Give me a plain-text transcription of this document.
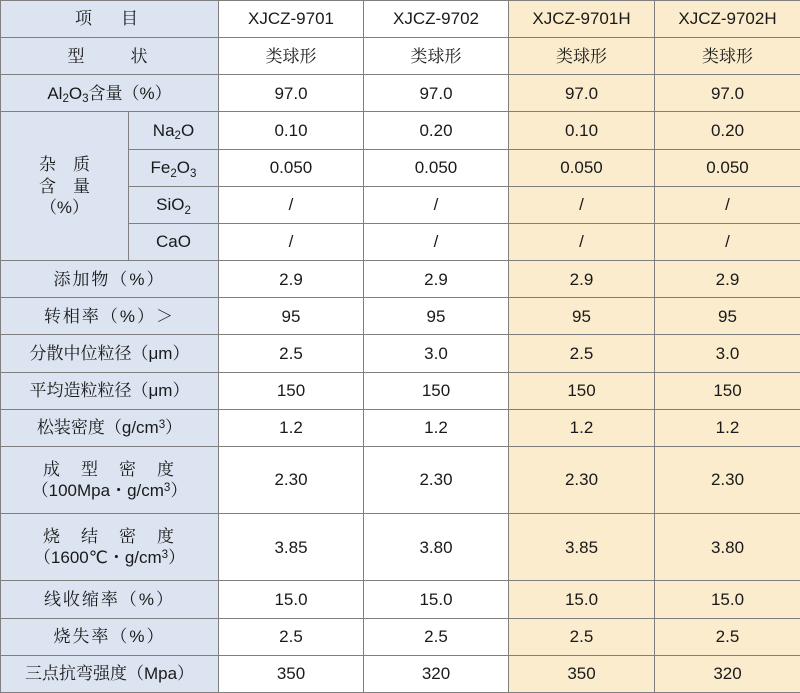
项　目		XJCZ-9701	XJCZ-9702	XJCZ-9701H	XJCZ-9702H
型　　状		类球形	类球形	类球形	类球形
$Al_2O_3$含量（%）		97.0	97.0	97.0	97.0

杂　质
含　量
（%）	$Na_2O$	0.10	0.20	0.10	0.20
	$Fe_2O_3$	0.050	0.050	0.050	0.050
	SiO$_2$	/	/	/	/
	CaO	/	/	/	/
添加物（%）		2.9	2.9	2.9	2.9
转相率（%）＞		95	95	95	95
分散中位粒径（μm）		2.5	3.0	2.5	3.0
平均造粒粒径（μm）		150	150	150	150
松装密度$(g/cm^3)$		1.2	1.2	1.2	1.2

成　型　密　度
（100Mpa・$g/cm^3$）		2.30	2.30	2.30	2.30

烧　结　密　度
（1600℃・$g/cm^3$）		3.85	3.80	3.85	3.80
线收缩率（%）		15.0	15.0	15.0	15.0
烧失率（%）		2.5	2.5	2.5	2.5
三点抗弯强度（Mpa）		350	320	350	320
